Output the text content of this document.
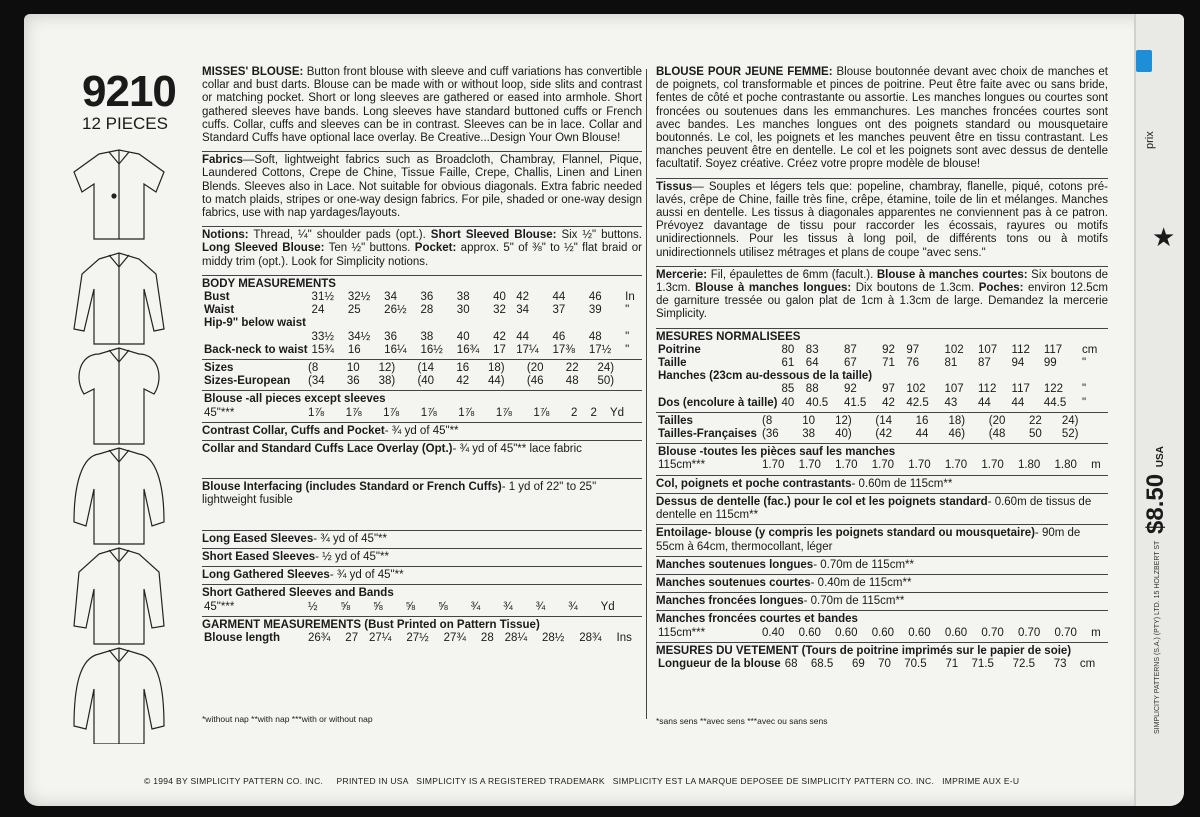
★
9210
12 PIECES

MISSES' BLOUSE: Button front blouse with sleeve and cuff variations has convertible collar and bust darts. Blouse can be made with or without loop, side slits and contrast or matching pocket. Short or long sleeves are gathered or eased into armhole. Short gathered sleeves have bands. Long sleeves have standard buttoned cuffs or French cuffs. Collar, cuffs and sleeves can be in contrast. Sleeves can be in lace. Collar and Standard Cuffs have optional lace overlay. Be Creative...Design Your Own Blouse!

Fabrics—Soft, lightweight fabrics such as Broadcloth, Chambray, Flannel, Pique, Laundered Cottons, Crepe de Chine, Tissue Faille, Crepe, Challis, Linen and Linen Blends. Sleeves also in Lace. Not suitable for obvious diagonals. Extra fabric needed to match plaids, stripes or one-way design fabrics. For pile, shaded or one-way design fabrics, use with nap yardages/layouts.

Notions: Thread, ¼" shoulder pads (opt.). Short Sleeved Blouse: Six ½" buttons. Long Sleeved Blouse: Ten ½" buttons. Pocket: approx. 5" of ⅜" to ½" flat braid or middy trim (opt.). Look for Simplicity notions.

BODY MEASUREMENTS
Bust	31½	32½	34	36	38	40	42	44	46	In
Waist	24	25	26½	28	30	32	34	37	39	"
Hip-9" below waist										
	33½	34½	36	38	40	42	44	46	48	"
Back-neck to waist	15¾	16	16¼	16½	16¾	17	17¼	17⅜	17½	"
Sizes	(8	10	12)	(14	16	18)	(20	22	24)	
Sizes-European	(34	36	38)	(40	42	44)	(46	48	50)	
Blouse -all pieces except sleeves
45"***	1⅞	1⅞	1⅞	1⅞	1⅞	1⅞	1⅞	2	2	Yd
Contrast Collar, Cuffs and Pocket- ¾ yd of 45"**
Collar and Standard Cuffs Lace Overlay (Opt.)- ¾ yd of 45"** lace fabric
Blouse Interfacing (includes Standard or French Cuffs)- 1 yd of 22" to 25" lightweight fusible
Long Eased Sleeves- ¾ yd of 45"**
Short Eased Sleeves- ½ yd of 45"**
Long Gathered Sleeves- ¾ yd of 45"**
Short Gathered Sleeves and Bands
45"***	½	⅝	⅝	⅝	⅝	¾	¾	¾	¾	Yd
GARMENT MEASUREMENTS (Bust Printed on Pattern Tissue)
Blouse length	26¾	27	27¼	27½	27¾	28	28¼	28½	28¾	Ins

BLOUSE POUR JEUNE FEMME: Blouse boutonnée devant avec choix de manches et de poignets, col transformable et pinces de poitrine. Peut être faite avec ou sans bride, fentes de côté et poche contrastante ou assortie. Les manches longues ou courtes sont froncées ou soutenues dans les emmanchures. Les manches froncées courtes sont avec bandes. Les manches longues ont des poignets standard ou mousquetaire boutonnés. Le col, les poignets et les manches peuvent être en tissu contrastant. Les manches peuvent être en dentelle. Le col et les poignets sont avec dessus de dentelle facultatif. Soyez créative. Créez votre propre modèle de blouse!

Tissus— Souples et légers tels que: popeline, chambray, flanelle, piqué, cotons pré-lavés, crêpe de Chine, faille très fine, crêpe, étamine, toile de lin et mélanges. Manches aussi en dentelle. Les tissus à diagonales apparentes ne conviennent pas à ce patron. Prévoyez davantage de tissu pour raccorder les écossais, rayures ou motifs unidirectionnels. Pour les tissus à long poil, de différents tons ou à motifs unidirectionnels utilisez métrages et plans de coupe "avec sens."

Mercerie: Fil, épaulettes de 6mm (facult.). Blouse à manches courtes: Six boutons de 1.3cm. Blouse à manches longues: Dix boutons de 1.3cm. Poches: environ 12.5cm de garniture tressée ou galon plat de 1cm à 1.3cm de large. Demandez la mercerie Simplicity.

MESURES NORMALISEES
Poitrine	80	83	87	92	97	102	107	112	117	cm
Taille	61	64	67	71	76	81	87	94	99	"
Hanches (23cm au-dessous de la taille)										
	85	88	92	97	102	107	112	117	122	"
Dos (encolure à taille)	40	40.5	41.5	42	42.5	43	44	44	44.5	"
Tailles	(8	10	12)	(14	16	18)	(20	22	24)	
Tailles-Françaises	(36	38	40)	(42	44	46)	(48	50	52)	
Blouse -toutes les pièces sauf les manches
115cm***	1.70	1.70	1.70	1.70	1.70	1.70	1.70	1.80	1.80	m
Col, poignets et poche contrastants- 0.60m de 115cm**
Dessus de dentelle (fac.) pour le col et les poignets standard- 0.60m de tissus de dentelle en 115cm**
Entoilage- blouse (y compris les poignets standard ou mousquetaire)- 90m de 55cm à 64cm, thermocollant, léger
Manches soutenues longues- 0.70m de 115cm**
Manches soutenues courtes- 0.40m de 115cm**
Manches froncées longues- 0.70m de 115cm**
Manches froncées courtes et bandes
115cm***	0.40	0.60	0.60	0.60	0.60	0.60	0.70	0.70	0.70	m
MESURES DU VETEMENT (Tours de poitrine imprimés sur le papier de soie)
Longueur de la blouse	68	68.5	69	70	70.5	71	71.5	72.5	73	cm
*without nap **with nap ***with or without nap	*sans sens **avec sens ***avec ou sans sens
© 1994 BY SIMPLICITY PATTERN CO. INC.     PRINTED IN USA   SIMPLICITY IS A REGISTERED TRADEMARK   SIMPLICITY EST LA MARQUE DEPOSEE DE SIMPLICITY PATTERN CO. INC.   IMPRIME AUX E-U
prix
$8.50 USA
SIMPLICITY PATTERNS (S.A.) (PTY) LTD. 15 HOLZBERT ST
